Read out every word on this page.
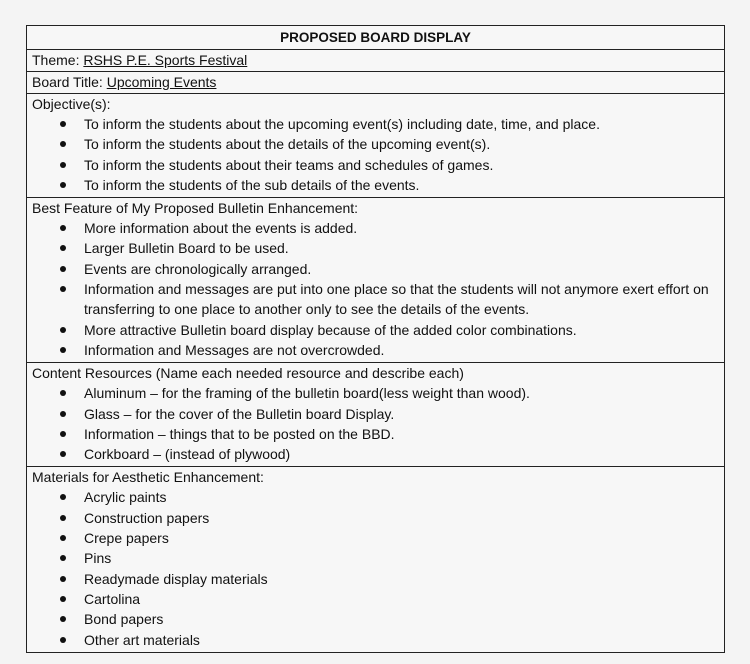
PROPOSED BOARD DISPLAY
Theme: RSHS P.E. Sports Festival
Board Title: Upcoming Events
Objective(s):
To inform the students about the upcoming event(s) including date, time, and place.
To inform the students about the details of the upcoming event(s).
To inform the students about their teams and schedules of games.
To inform the students of the sub details of the events.
Best Feature of My Proposed Bulletin Enhancement:
More information about the events is added.
Larger Bulletin Board to be used.
Events are chronologically arranged.
Information and messages are put into one place so that the students will not anymore exert effort on transferring to one place to another only to see the details of the events.
More attractive Bulletin board display because of the added color combinations.
Information and Messages are not overcrowded.
Content Resources (Name each needed resource and describe each)
Aluminum – for the framing of the bulletin board(less weight than wood).
Glass – for the cover of the Bulletin board Display.
Information – things that to be posted on the BBD.
Corkboard – (instead of plywood)
Materials for Aesthetic Enhancement:
Acrylic paints
Construction papers
Crepe papers
Pins
Readymade display materials
Cartolina
Bond papers
Other art materials
